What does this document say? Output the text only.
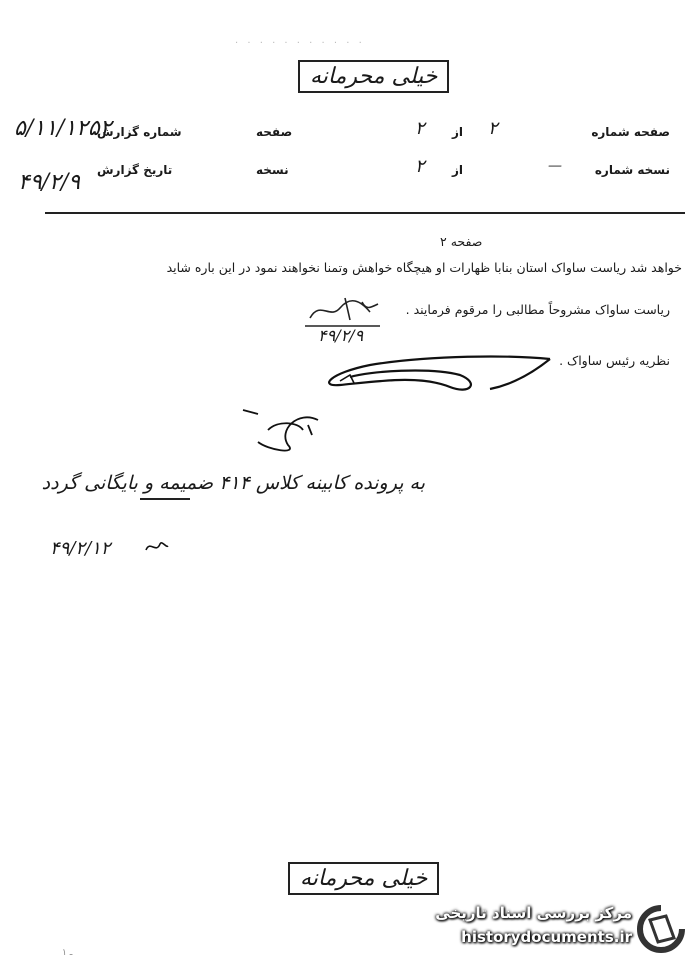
· · · · · · · · · · ·
خیلی محرمانه
صفحه شماره
۲
از
۲
صفحه
شماره گزارش
۵/۱۱/۱۲۵۲
نسخه شماره
—
از
۲
نسخه
تاریخ گزارش
۴۹/۲/۹
صفحه ۲
خواهد شد ریاست ساواک استان بنابا ظهارات او هیچگاه خواهش وتمنا نخواهند نمود در این باره شاید
ریاست ساواک مشروحاً مطالبی را مرقوم فرمایند .
۴۹/۲/۹
نظریه رئیس ساواک .
به پرونده کابینه کلاس ۴۱۴ ضمیمه و بایگانی گردد
۴۹/۲/۱۲
خیلی محرمانه
مرکز بررسی اسناد تاریخی
historydocuments.ir
ـ ١
